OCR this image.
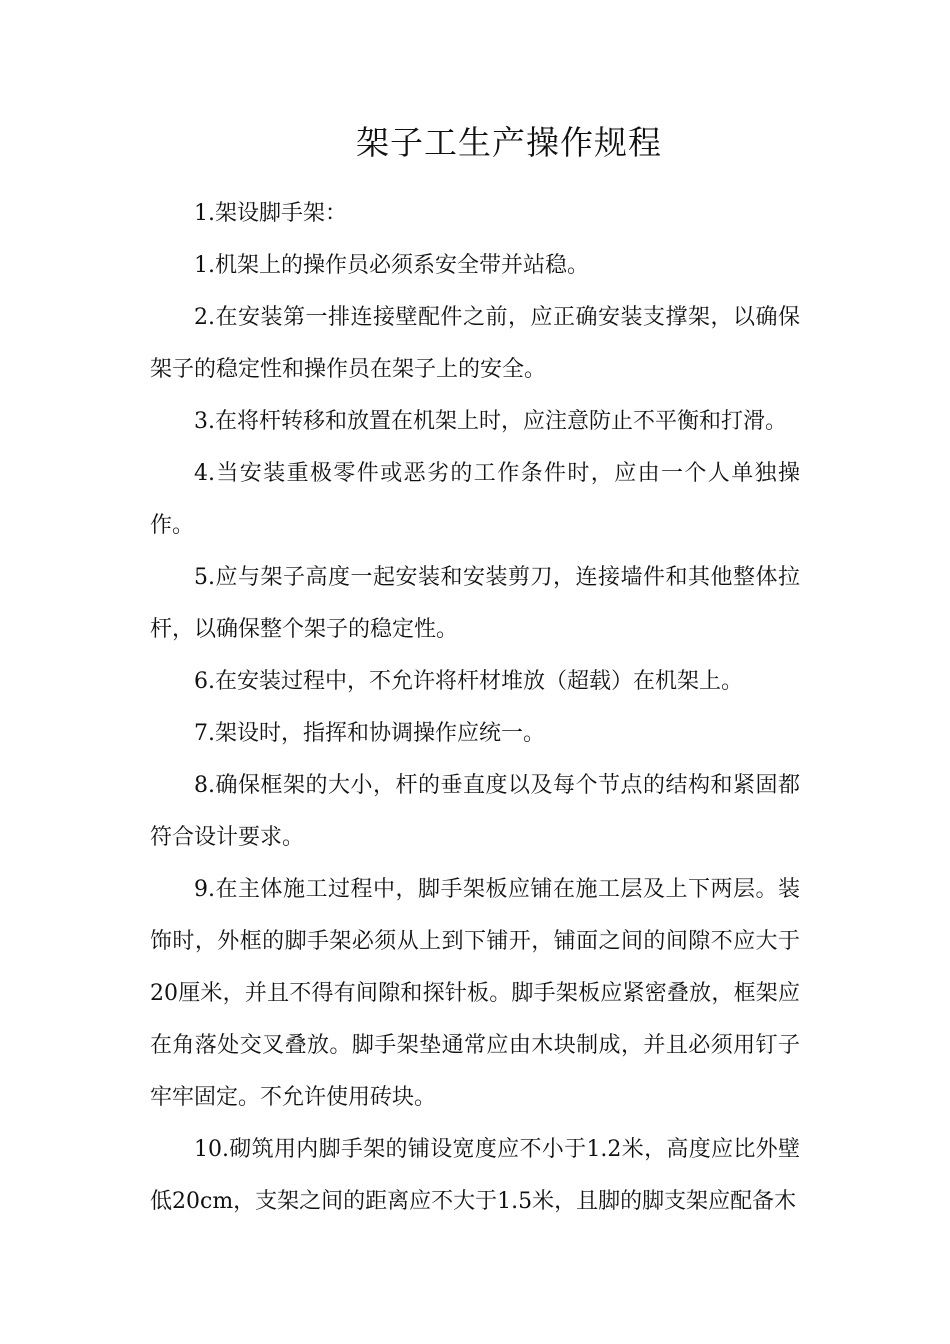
架子工生产操作规程

1.架设脚手架：

1.机架上的操作员必须系安全带并站稳。

2.在安装第一排连接壁配件之前，应正确安装支撑架，以确保架子的稳定性和操作员在架子上的安全。

3.在将杆转移和放置在机架上时，应注意防止不平衡和打滑。

4.当安装重极零件或恶劣的工作条件时，应由一个人单独操作。

5.应与架子高度一起安装和安装剪刀，连接墙件和其他整体拉杆，以确保整个架子的稳定性。

6.在安装过程中，不允许将杆材堆放（超载）在机架上。

7.架设时，指挥和协调操作应统一。

8.确保框架的大小，杆的垂直度以及每个节点的结构和紧固都符合设计要求。

9.在主体施工过程中，脚手架板应铺在施工层及上下两层。装饰时，外框的脚手架必须从上到下铺开，铺面之间的间隙不应大于20厘米，并且不得有间隙和探针板。脚手架板应紧密叠放，框架应在角落处交叉叠放。脚手架垫通常应由木块制成，并且必须用钉子牢牢固定。不允许使用砖块。

10.砌筑用内脚手架的铺设宽度应不小于1.2米，高度应比外壁低20cm，支架之间的距离应不大于1.5米，且脚的脚支架应配备木
